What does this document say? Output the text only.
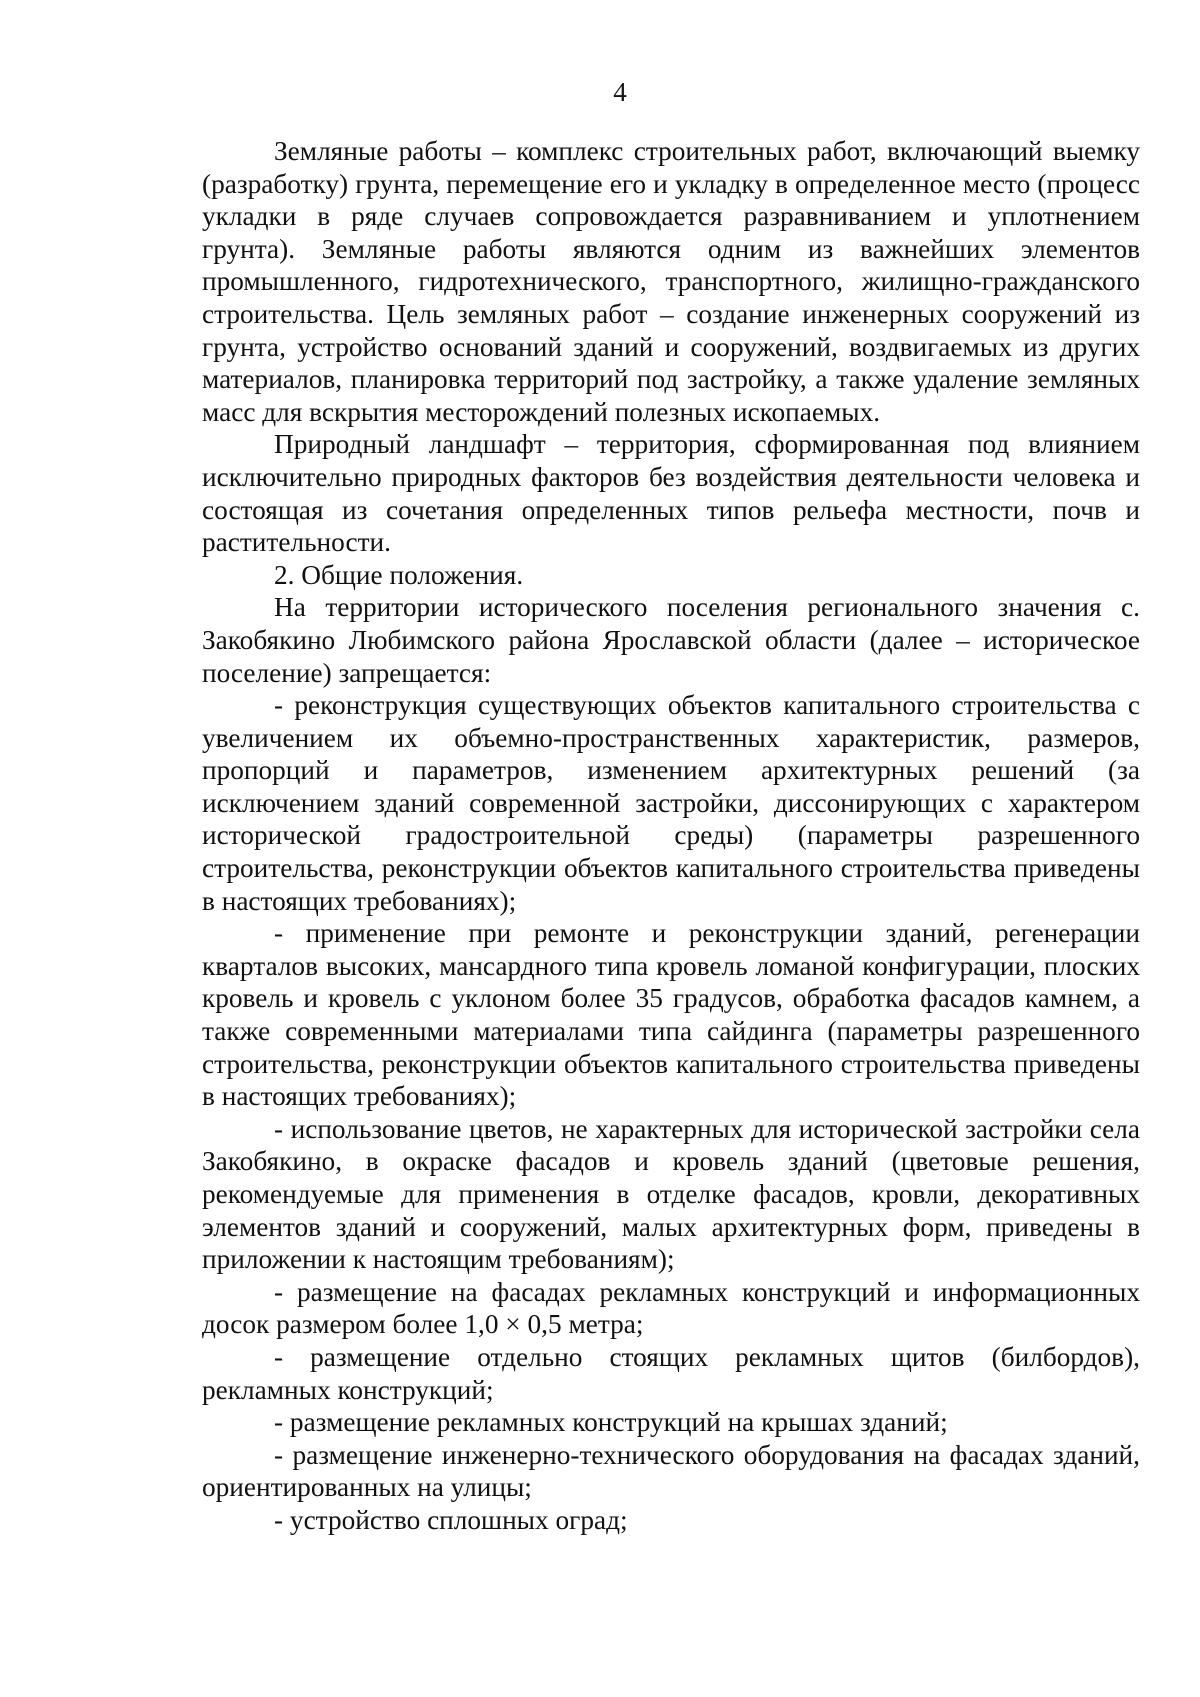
4

Земляные работы – комплекс строительных работ, включающий выемку (разработку) грунта, перемещение его и укладку в определенное место (процесс укладки в ряде случаев сопровождается разравниванием и уплотнением грунта). Земляные работы являются одним из важнейших элементов промышленного, гидротехнического, транспортного, жилищно-гражданского строительства. Цель земляных работ – создание инженерных сооружений из грунта, устройство оснований зданий и сооружений, воздвигаемых из других материалов, планировка территорий под застройку, а также удаление земляных масс для вскрытия месторождений полезных ископаемых.

Природный ландшафт – территория, сформированная под влиянием исключительно природных факторов без воздействия деятельности человека и состоящая из сочетания определенных типов рельефа местности, почв и растительности.

2. Общие положения.

На территории исторического поселения регионального значения с. Закобякино Любимского района Ярославской области (далее – историческое поселение) запрещается:

- реконструкция существующих объектов капитального строительства с увеличением их объемно-пространственных характеристик, размеров, пропорций и параметров, изменением архитектурных решений (за исключением зданий современной застройки, диссонирующих с характером исторической градостроительной среды) (параметры разрешенного строительства, реконструкции объектов капитального строительства приведены в настоящих требованиях);

- применение при ремонте и реконструкции зданий, регенерации кварталов высоких, мансардного типа кровель ломаной конфигурации, плоских кровель и кровель с уклоном более 35 градусов, обработка фасадов камнем, а также современными материалами типа сайдинга (параметры разрешенного строительства, реконструкции объектов капитального строительства приведены в настоящих требованиях);

- использование цветов, не характерных для исторической застройки села Закобякино, в окраске фасадов и кровель зданий (цветовые решения, рекомендуемые для применения в отделке фасадов, кровли, декоративных элементов зданий и сооружений, малых архитектурных форм, приведены в приложении к настоящим требованиям);

- размещение на фасадах рекламных конструкций и информационных досок размером более 1,0 × 0,5 метра;

- размещение отдельно стоящих рекламных щитов (билбордов), рекламных конструкций;

- размещение рекламных конструкций на крышах зданий;

- размещение инженерно-технического оборудования на фасадах зданий, ориентированных на улицы;

- устройство сплошных оград;
